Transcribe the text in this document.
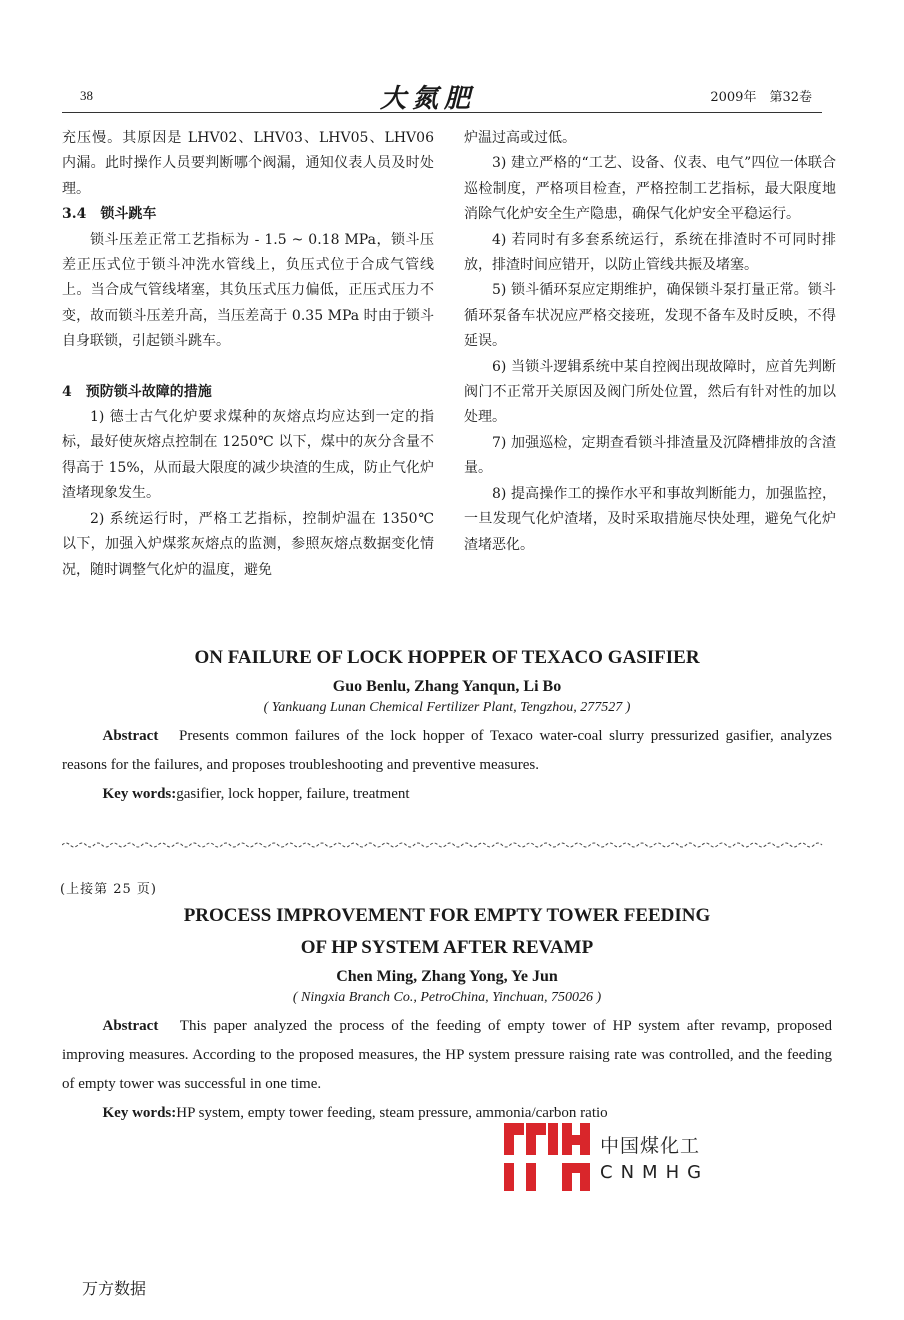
38	大氮肥	2009年　第32卷

充压慢。其原因是 LHV02、LHV03、LHV05、LHV06 内漏。此时操作人员要判断哪个阀漏，通知仪表人员及时处理。

3.4　锁斗跳车

锁斗压差正常工艺指标为 - 1.5 ~ 0.18 MPa，锁斗压差正压式位于锁斗冲洗水管线上，负压式位于合成气管线上。当合成气管线堵塞，其负压式压力偏低，正压式压力不变，故而锁斗压差升高，当压差高于 0.35 MPa 时由于锁斗自身联锁，引起锁斗跳车。

4　预防锁斗故障的措施

1) 德士古气化炉要求煤种的灰熔点均应达到一定的指标，最好使灰熔点控制在 1250℃ 以下，煤中的灰分含量不得高于 15%，从而最大限度的减少块渣的生成，防止气化炉渣堵现象发生。

2) 系统运行时，严格工艺指标，控制炉温在 1350℃ 以下，加强入炉煤浆灰熔点的监测，参照灰熔点数据变化情况，随时调整气化炉的温度，避免

炉温过高或过低。

3) 建立严格的“工艺、设备、仪表、电气”四位一体联合巡检制度，严格项目检查，严格控制工艺指标，最大限度地消除气化炉安全生产隐患，确保气化炉安全平稳运行。

4) 若同时有多套系统运行，系统在排渣时不可同时排放，排渣时间应错开，以防止管线共振及堵塞。

5) 锁斗循环泵应定期维护，确保锁斗泵打量正常。锁斗循环泵备车状况应严格交接班，发现不备车及时反映，不得延误。

6) 当锁斗逻辑系统中某自控阀出现故障时，应首先判断阀门不正常开关原因及阀门所处位置，然后有针对性的加以处理。

7) 加强巡检，定期查看锁斗排渣量及沉降槽排放的含渣量。

8) 提高操作工的操作水平和事故判断能力，加强监控，一旦发现气化炉渣堵，及时采取措施尽快处理，避免气化炉渣堵恶化。

ON FAILURE OF LOCK HOPPER OF TEXACO GASIFIER
Guo Benlu, Zhang Yanqun, Li Bo
( Yankuang Lunan Chemical Fertilizer Plant, Tengzhou, 277527 )
Abstract　 Presents common failures of the lock hopper of Texaco water-coal slurry pressurized gasifier, analyzes reasons for the failures, and proposes troubleshooting and preventive measures.
Key words:gasifier, lock hopper, failure, treatment
(上接第 25 页)
PROCESS IMPROVEMENT FOR EMPTY TOWER FEEDING
OF HP SYSTEM AFTER REVAMP
Chen Ming, Zhang Yong, Ye Jun
( Ningxia Branch Co., PetroChina, Yinchuan, 750026 )
Abstract　 This paper analyzed the process of the feeding of empty tower of HP system after revamp, proposed improving measures. According to the proposed measures, the HP system pressure raising rate was controlled, and the feeding of empty tower was successful in one time.
Key words:HP system, empty tower feeding, steam pressure, ammonia/carbon ratio
中国煤化工
CNMHG
万方数据
